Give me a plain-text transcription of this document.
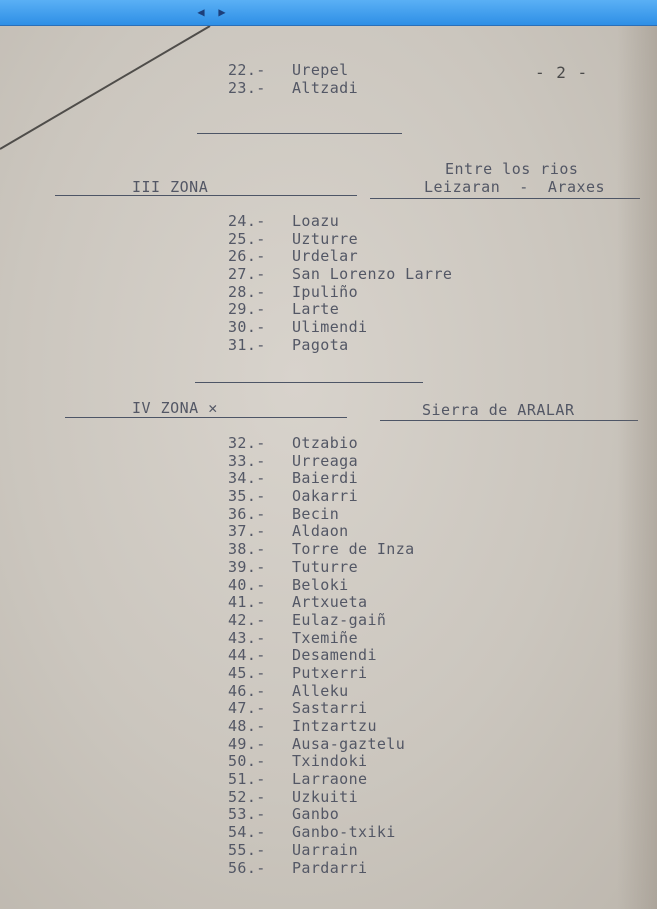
◀ ▶
- 2 -
22.- Urepel
23.- Altzadi
Entre los rios
III ZONA	Leizaran  -  Araxes
24.- Loazu
25.- Uzturre
26.- Urdelar
27.- San Lorenzo Larre
28.- Ipuliño
29.- Larte
30.- Ulimendi
31.- Pagota
IV ZONA ✕	Sierra de ARALAR
32.- Otzabio
33.- Urreaga
34.- Baierdi
35.- Oakarri
36.- Becin
37.- Aldaon
38.- Torre de Inza
39.- Tuturre
40.- Beloki
41.- Artxueta
42.- Eulaz-gaiñ
43.- Txemiñe
44.- Desamendi
45.- Putxerri
46.- Alleku
47.- Sastarri
48.- Intzartzu
49.- Ausa-gaztelu
50.- Txindoki
51.- Larraone
52.- Uzkuiti
53.- Ganbo
54.- Ganbo-txiki
55.- Uarrain
56.- Pardarri
